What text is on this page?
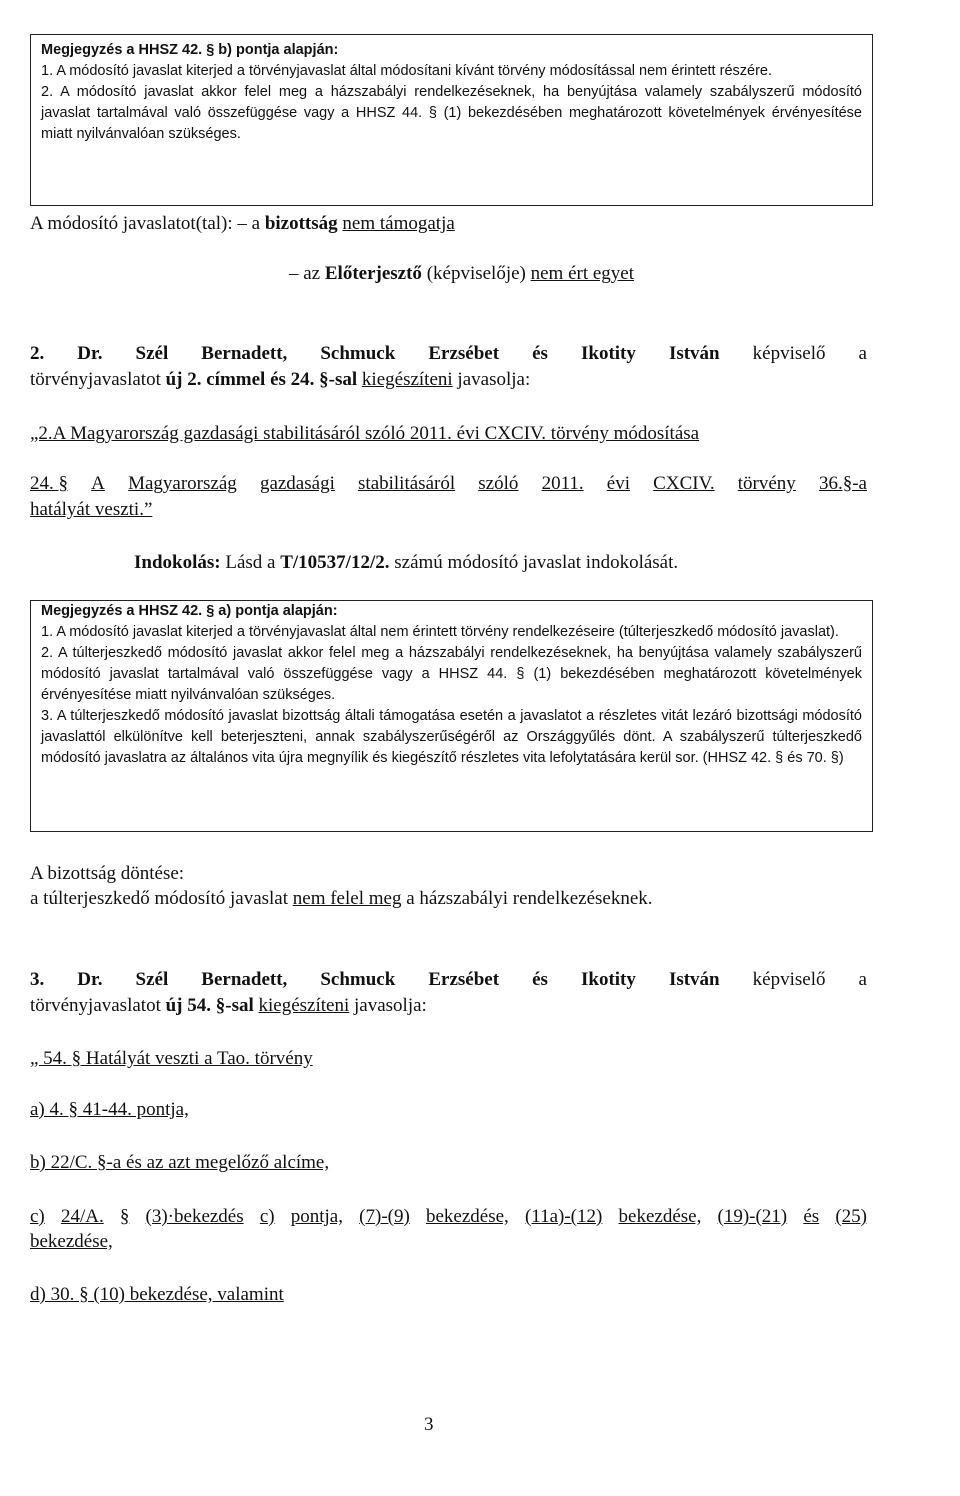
Megjegyzés a HHSZ 42. § b) pontja alapján:

1. A módosító javaslat kiterjed a törvényjavaslat által módosítani kívánt törvény módosítással nem érintett részére.

2. A módosító javaslat akkor felel meg a házszabályi rendelkezéseknek, ha benyújtása valamely szabályszerű módosító javaslat tartalmával való összefüggése vagy a HHSZ 44. § (1) bekezdésében meghatározott követelmények érvényesítése miatt nyilvánvalóan szükséges.

A módosító javaslatot(tal): – a bizottság nem támogatja
– az Előterjesztő (képviselője) nem ért egyet
2. Dr. Szél Bernadett, Schmuck Erzsébet és Ikotity István képviselő a
törvényjavaslatot új 2. címmel és 24. §-sal kiegészíteni javasolja:
„2.A Magyarország gazdasági stabilitásáról szóló 2011. évi CXCIV. törvény módosítása
24. § A Magyarország gazdasági stabilitásáról szóló 2011. évi CXCIV. törvény 36.§-a
hatályát veszti.”
Indokolás: Lásd a T/10537/12/2. számú módosító javaslat indokolását.

Megjegyzés a HHSZ 42. § a) pontja alapján:

1. A módosító javaslat kiterjed a törvényjavaslat által nem érintett törvény rendelkezéseire (túlterjeszkedő módosító javaslat).

2. A túlterjeszkedő módosító javaslat akkor felel meg a házszabályi rendelkezéseknek, ha benyújtása valamely szabályszerű módosító javaslat tartalmával való összefüggése vagy a HHSZ 44. § (1) bekezdésében meghatározott követelmények érvényesítése miatt nyilvánvalóan szükséges.

3. A túlterjeszkedő módosító javaslat bizottság általi támogatása esetén a javaslatot a részletes vitát lezáró bizottsági módosító javaslattól elkülönítve kell beterjeszteni, annak szabályszerűségéről az Országgyűlés dönt. A szabályszerű túlterjeszkedő módosító javaslatra az általános vita újra megnyílik és kiegészítő részletes vita lefolytatására kerül sor. (HHSZ 42. § és 70. §)

A bizottság döntése:
a túlterjeszkedő módosító javaslat nem felel meg a házszabályi rendelkezéseknek.
3. Dr. Szél Bernadett, Schmuck Erzsébet és Ikotity István képviselő a
törvényjavaslatot új 54. §-sal kiegészíteni javasolja:
„ 54. § Hatályát veszti a Tao. törvény
a) 4. § 41-44. pontja,
b) 22/C. §-a és az azt megelőző alcíme,
c) 24/A. § (3)·bekezdés c) pontja, (7)-(9) bekezdése, (11a)-(12) bekezdése, (19)-(21) és (25)
bekezdése,
d) 30. § (10) bekezdése, valamint
3
